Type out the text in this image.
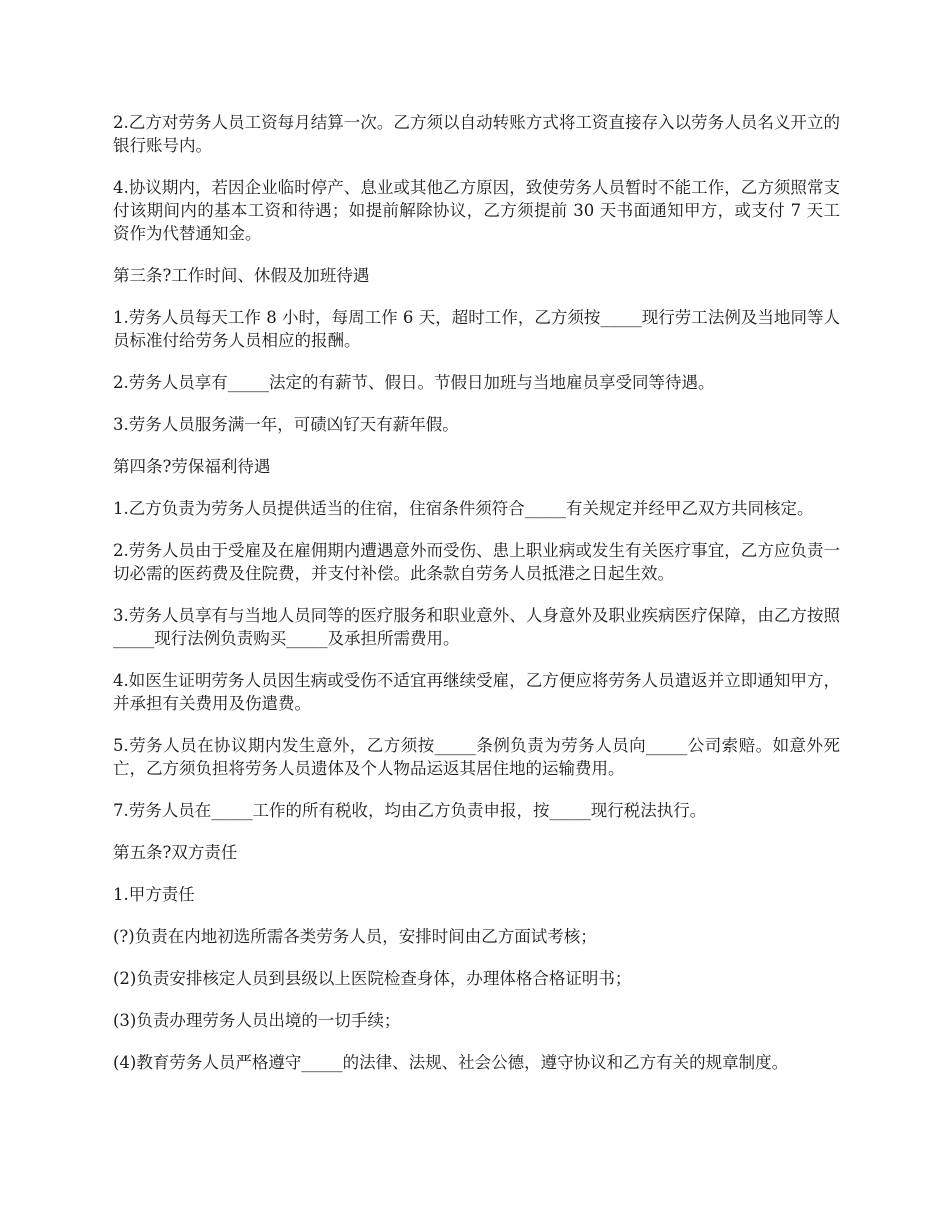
2.乙方对劳务人员工资每月结算一次。乙方须以自动转账方式将工资直接存入以劳务人员名义开立的银行账号内。

4.协议期内，若因企业临时停产、息业或其他乙方原因，致使劳务人员暂时不能工作，乙方须照常支付该期间内的基本工资和待遇；如提前解除协议，乙方须提前 30 天书面通知甲方，或支付 7 天工资作为代替通知金。

第三条?工作时间、休假及加班待遇

1.劳务人员每天工作 8 小时，每周工作 6 天，超时工作，乙方须按_____现行劳工法例及当地同等人员标准付给劳务人员相应的报酬。

2.劳务人员享有_____法定的有薪节、假日。节假日加班与当地雇员享受同等待遇。

3.劳务人员服务满一年，可碛凶钌天有薪年假。

第四条?劳保福利待遇

1.乙方负责为劳务人员提供适当的住宿，住宿条件须符合_____有关规定并经甲乙双方共同核定。

2.劳务人员由于受雇及在雇佣期内遭遇意外而受伤、患上职业病或发生有关医疗事宜，乙方应负责一切必需的医药费及住院费，并支付补偿。此条款自劳务人员抵港之日起生效。

3.劳务人员享有与当地人员同等的医疗服务和职业意外、人身意外及职业疾病医疗保障，由乙方按照_____现行法例负责购买_____及承担所需费用。

4.如医生证明劳务人员因生病或受伤不适宜再继续受雇，乙方便应将劳务人员遣返并立即通知甲方，并承担有关费用及伤遣费。

5.劳务人员在协议期内发生意外，乙方须按_____条例负责为劳务人员向_____公司索赔。如意外死亡，乙方须负担将劳务人员遗体及个人物品运返其居住地的运输费用。

7.劳务人员在_____工作的所有税收，均由乙方负责申报，按_____现行税法执行。

第五条?双方责任

1.甲方责任

(?)负责在内地初选所需各类劳务人员，安排时间由乙方面试考核；

(2)负责安排核定人员到县级以上医院检查身体，办理体格合格证明书；

(3)负责办理劳务人员出境的一切手续；

(4)教育劳务人员严格遵守_____的法律、法规、社会公德，遵守协议和乙方有关的规章制度。
